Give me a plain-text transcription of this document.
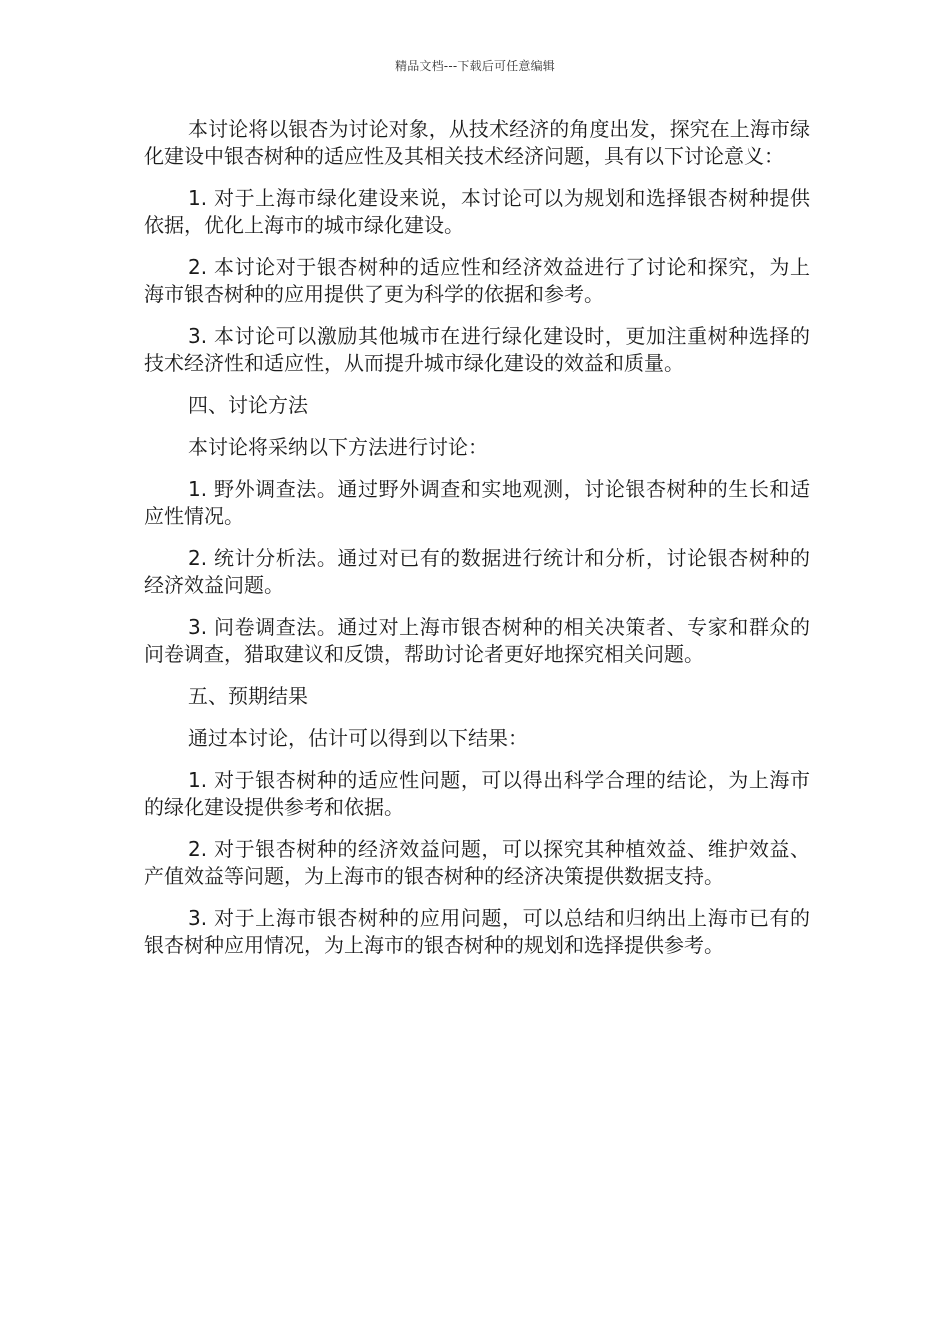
精品文档---下载后可任意编辑

本讨论将以银杏为讨论对象，从技术经济的角度出发，探究在上海市绿化建设中银杏树种的适应性及其相关技术经济问题，具有以下讨论意义：

1. 对于上海市绿化建设来说，本讨论可以为规划和选择银杏树种提供依据，优化上海市的城市绿化建设。

2. 本讨论对于银杏树种的适应性和经济效益进行了讨论和探究，为上海市银杏树种的应用提供了更为科学的依据和参考。

3. 本讨论可以激励其他城市在进行绿化建设时，更加注重树种选择的技术经济性和适应性，从而提升城市绿化建设的效益和质量。

四、讨论方法

本讨论将采纳以下方法进行讨论：

1. 野外调查法。通过野外调查和实地观测，讨论银杏树种的生长和适应性情况。

2. 统计分析法。通过对已有的数据进行统计和分析，讨论银杏树种的经济效益问题。

3. 问卷调查法。通过对上海市银杏树种的相关决策者、专家和群众的问卷调查，猎取建议和反馈，帮助讨论者更好地探究相关问题。

五、预期结果

通过本讨论，估计可以得到以下结果：

1. 对于银杏树种的适应性问题，可以得出科学合理的结论，为上海市的绿化建设提供参考和依据。

2. 对于银杏树种的经济效益问题，可以探究其种植效益、维护效益、产值效益等问题，为上海市的银杏树种的经济决策提供数据支持。

3. 对于上海市银杏树种的应用问题，可以总结和归纳出上海市已有的银杏树种应用情况，为上海市的银杏树种的规划和选择提供参考。
